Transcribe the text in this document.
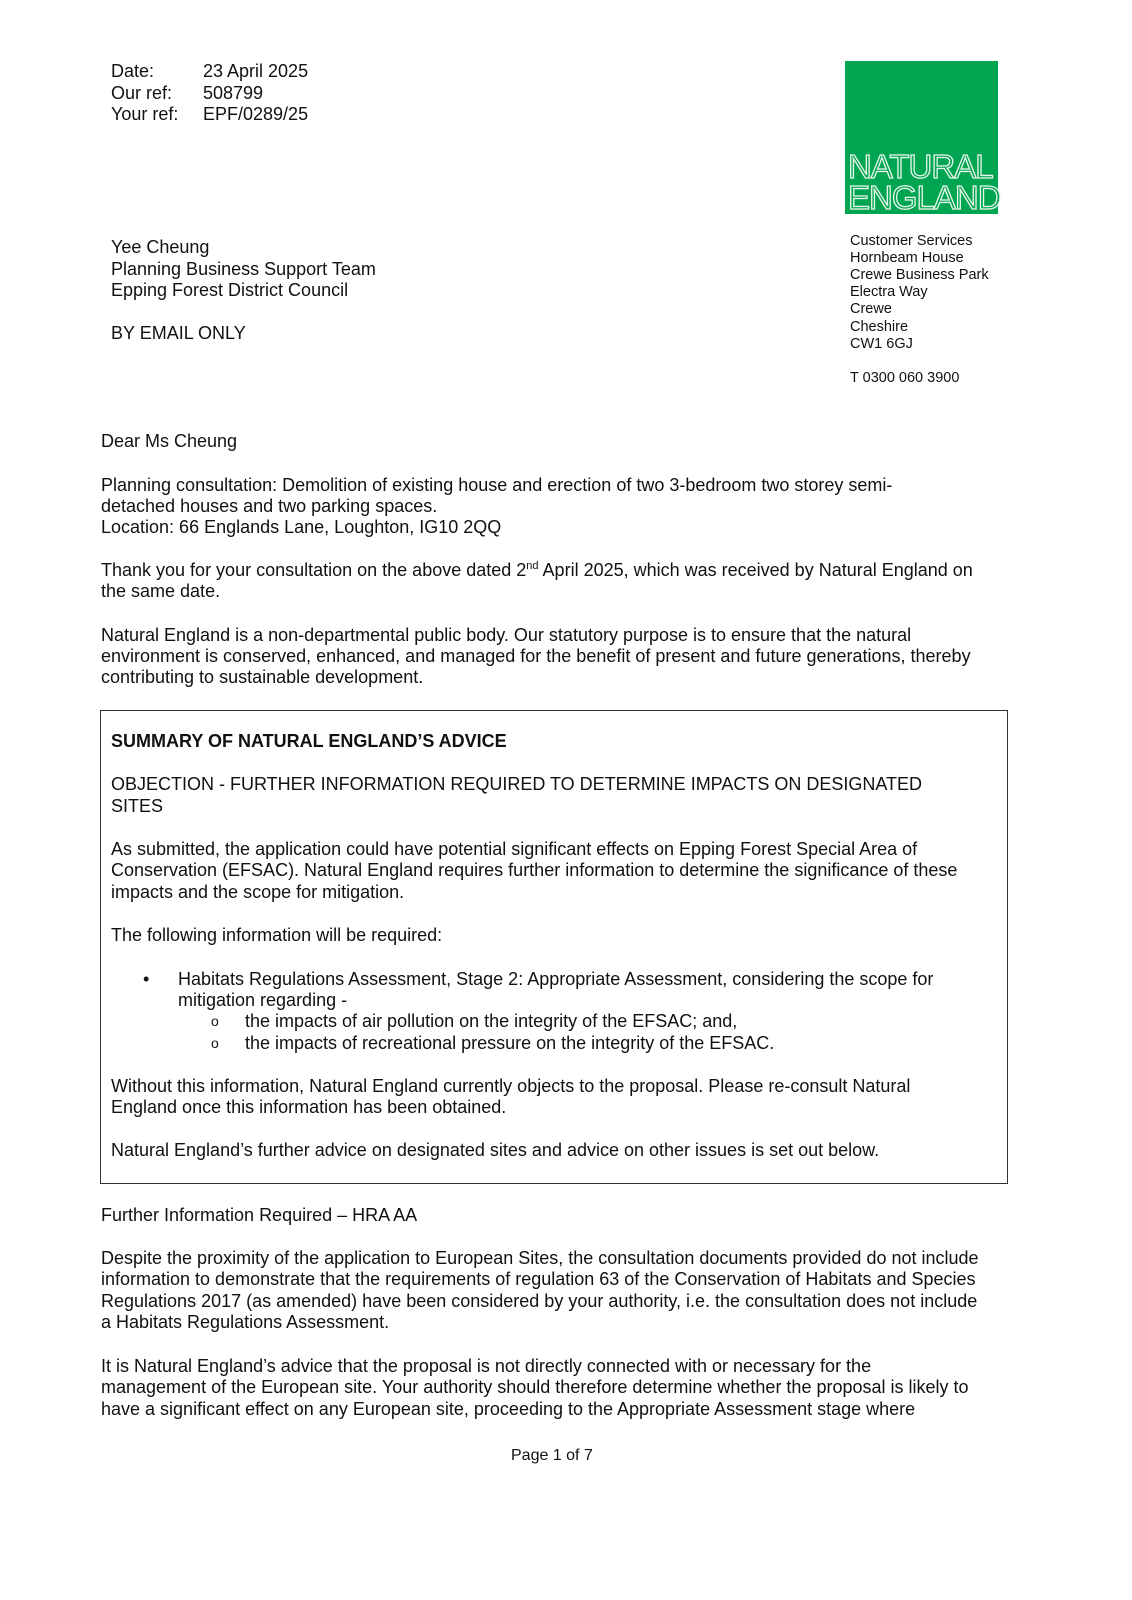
Date:	23 April 2025
Our ref: 508799
Your ref: EPF/0289/25
NATURAL
ENGLAND
Customer Services
Hornbeam House
Crewe Business Park
Electra Way
Crewe
Cheshire
CW1 6GJ
T 0300 060 3900
Yee Cheung
Planning Business Support Team
Epping Forest District Council
BY EMAIL ONLY
Dear Ms Cheung
Planning consultation: Demolition of existing house and erection of two 3-bedroom two storey semi-
detached houses and two parking spaces.
Location: 66 Englands Lane, Loughton, IG10 2QQ
Thank you for your consultation on the above dated 2nd April 2025, which was received by Natural England on
the same date.
Natural England is a non-departmental public body. Our statutory purpose is to ensure that the natural
environment is conserved, enhanced, and managed for the benefit of present and future generations, thereby
contributing to sustainable development.
SUMMARY OF NATURAL ENGLAND’S ADVICE
OBJECTION - FURTHER INFORMATION REQUIRED TO DETERMINE IMPACTS ON DESIGNATED
SITES
As submitted, the application could have potential significant effects on Epping Forest Special Area of
Conservation (EFSAC). Natural England requires further information to determine the significance of these
impacts and the scope for mitigation.
The following information will be required:
• Habitats Regulations Assessment, Stage 2: Appropriate Assessment, considering the scope for
mitigation regarding -
o the impacts of air pollution on the integrity of the EFSAC; and,
o the impacts of recreational pressure on the integrity of the EFSAC.
Without this information, Natural England currently objects to the proposal. Please re-consult Natural
England once this information has been obtained.
Natural England’s further advice on designated sites and advice on other issues is set out below.
Further Information Required – HRA AA
Despite the proximity of the application to European Sites, the consultation documents provided do not include
information to demonstrate that the requirements of regulation 63 of the Conservation of Habitats and Species
Regulations 2017 (as amended) have been considered by your authority, i.e. the consultation does not include
a Habitats Regulations Assessment.
It is Natural England’s advice that the proposal is not directly connected with or necessary for the
management of the European site. Your authority should therefore determine whether the proposal is likely to
have a significant effect on any European site, proceeding to the Appropriate Assessment stage where
Page 1 of 7
